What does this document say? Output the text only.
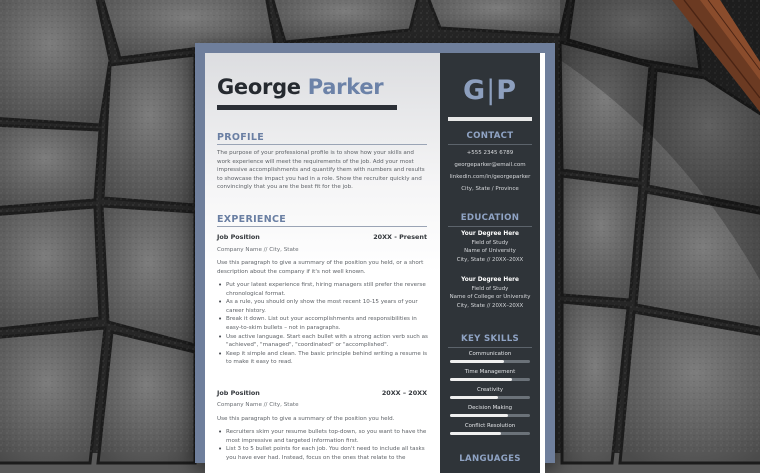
George Parker
PROFILE
The purpose of your professional profile is to show how your skills and work experience will meet the requirements of the job. Add your most impressive accomplishments and quantify them with numbers and results to showcase the impact you had in a role. Show the recruiter quickly and convincingly that you are the best fit for the job.
EXPERIENCE
Job Position	20XX - Present
Company Name // City, State
Use this paragraph to give a summary of the position you held, or a short description about the company if it's not well known.
• Put your latest experience first, hiring managers still prefer the reverse chronological format.
• As a rule, you should only show the most recent 10-15 years of your career history.
• Break it down. List out your accomplishments and responsibilities in easy-to-skim bullets – not in paragraphs.
• Use active language. Start each bullet with a strong action verb such as "achieved", "managed", "coordinated" or "accomplished".
• Keep it simple and clean. The basic principle behind writing a resume is to make it easy to read.
Job Position	20XX – 20XX
Company Name // City, State
Use this paragraph to give a summary of the position you held.
• Recruiters skim your resume bullets top-down, so you want to have the most impressive and targeted information first.
• List 3 to 5 bullet points for each job. You don't need to include all tasks you have ever had. Instead, focus on the ones that relate to the
G|P
CONTACT
+555 2345 6789
georgeparker@email.com
linkedin.com/in/georgeparker
City, State / Province
EDUCATION
Your Degree Here
Field of Study
Name of University
City, State // 20XX–20XX
Your Degree Here
Field of Study
Name of College or University
City, State // 20XX–20XX
KEY SKILLS
Communication
Time Management
Creativity
Decision Making
Conflict Resolution
LANGUAGES
